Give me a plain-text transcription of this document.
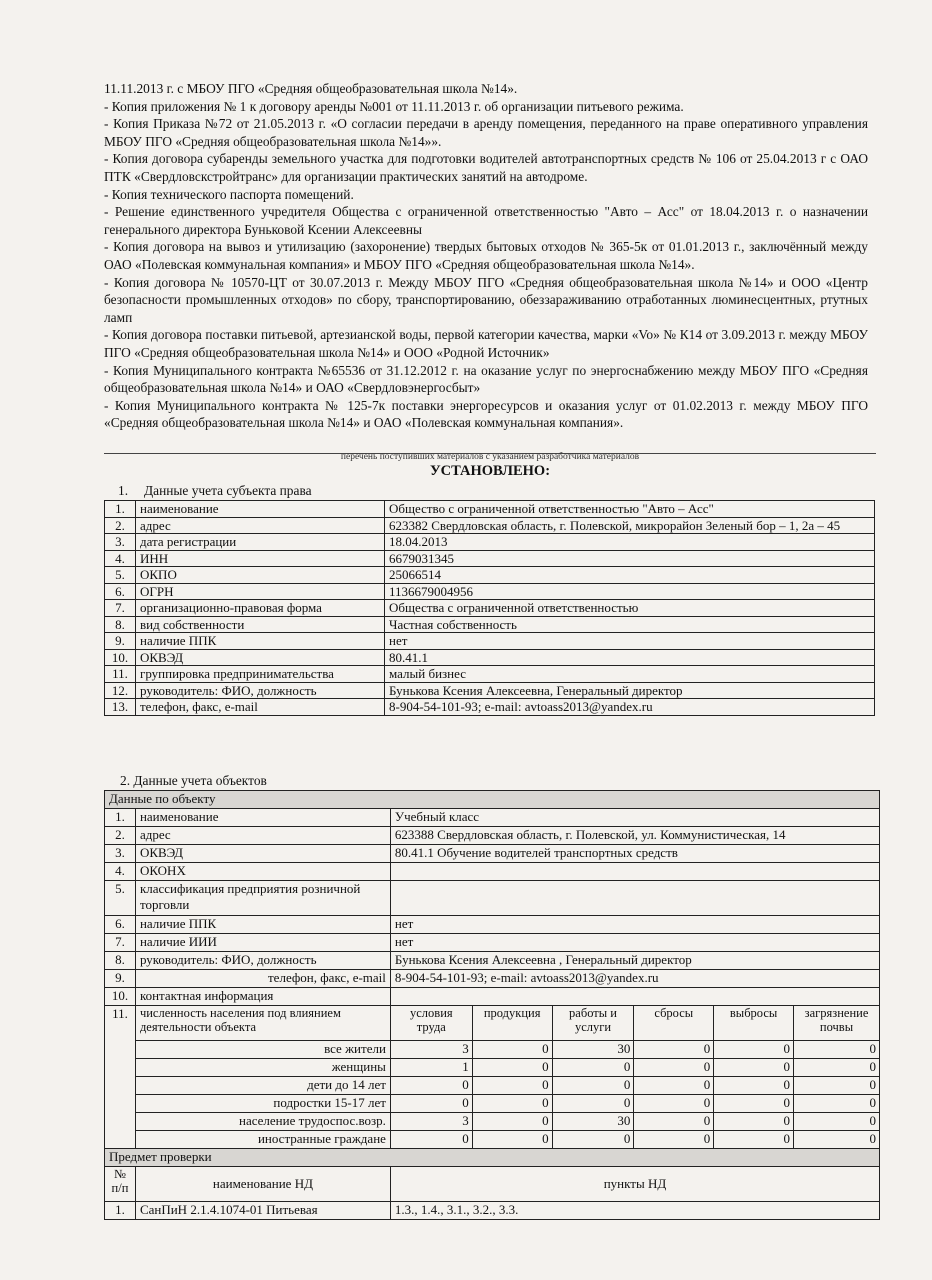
11.11.2013 г. с МБОУ ПГО «Средняя общеобразовательная школа №14».

- Копия приложения № 1 к договору аренды №001 от 11.11.2013 г. об организации питьевого режима.

- Копия Приказа №72 от 21.05.2013 г. «О согласии передачи в аренду помещения, переданного на праве оперативного управления МБОУ ПГО «Средняя общеобразовательная школа №14»».

- Копия договора субаренды земельного участка для подготовки водителей автотранспортных средств № 106 от 25.04.2013 г с ОАО ПТК «Свердловскстройтранс» для организации практических занятий на автодроме.

- Копия технического паспорта помещений.

- Решение единственного учредителя Общества с ограниченной ответственностью "Авто – Асс" от 18.04.2013 г. о назначении генерального директора Буньковой Ксении Алексеевны

- Копия договора на вывоз и утилизацию (захоронение) твердых бытовых отходов № 365-5к от 01.01.2013 г., заключённый между ОАО «Полевская коммунальная компания» и МБОУ ПГО «Средняя общеобразовательная школа №14».

- Копия договора № 10570-ЦТ от 30.07.2013 г. Между МБОУ ПГО «Средняя общеобразовательная школа №14» и ООО «Центр безопасности промышленных отходов» по сбору, транспортированию, обеззараживанию отработанных люминесцентных, ртутных ламп

- Копия договора поставки питьевой, артезианской воды, первой категории качества, марки «Vo» № К14 от 3.09.2013 г. между МБОУ ПГО «Средняя общеобразовательная школа №14» и ООО «Родной Источник»

- Копия Муниципального контракта №65536 от 31.12.2012 г. на оказание услуг по энергоснабжению между МБОУ ПГО «Средняя общеобразовательная школа №14» и ОАО «Свердловэнергосбыт»

- Копия Муниципального контракта № 125-7к поставки энергоресурсов и оказания услуг от 01.02.2013 г. между МБОУ ПГО «Средняя общеобразовательная школа №14» и ОАО «Полевская коммунальная компания».

перечень поступивших материалов с указанием разработчика материалов
УСТАНОВЛЕНО:
1. Данные учета субъекта права
1.	наименование	Общество с ограниченной ответственностью "Авто – Асс"
2.	адрес	623382 Свердловская область, г. Полевской, микрорайон Зеленый бор – 1, 2а – 45
3.	дата регистрации	18.04.2013
4.	ИНН	6679031345
5.	ОКПО	25066514
6.	ОГРН	1136679004956
7.	организационно-правовая форма	Общества с ограниченной ответственностью
8.	вид собственности	Частная собственность
9.	наличие ППК	нет
10.	ОКВЭД	80.41.1
11.	группировка предпринимательства	малый бизнес
12.	руководитель: ФИО, должность	Бунькова Ксения Алексеевна, Генеральный директор
13.	телефон, факс, e-mail	8-904-54-101-93; e-mail: avtoass2013@yandex.ru
2. Данные учета объектов
Данные по объекту							
1.	наименование	Учебный класс					
2.	адрес	623388 Свердловская область, г. Полевской, ул. Коммунистическая, 14					
3.	ОКВЭД	80.41.1 Обучение водителей транспортных средств					
4.	ОКОНХ						
5.	классификация предприятия розничной торговли						
6.	наличие ППК	нет					
7.	наличие ИИИ	нет					
8.	руководитель: ФИО, должность	Бунькова Ксения Алексеевна , Генеральный директор					
9.	телефон, факс, e-mail	8-904-54-101-93; e-mail: avtoass2013@yandex.ru					
10.	контактная информация						
11.	численность населения под влиянием деятельности объекта	условия труда	продукция	работы и услуги	сбросы	выбросы	загрязнение почвы
	все жители	3	0	30	0	0	0
	женщины	1	0	0	0	0	0
	дети до 14 лет	0	0	0	0	0	0
	подростки 15-17 лет	0	0	0	0	0	0
	население трудоспос.возр.	3	0	30	0	0	0
	иностранные граждане	0	0	0	0	0	0
Предмет проверки							
№ п/п	наименование НД	пункты НД					
1.	СанПиН 2.1.4.1074-01 Питьевая	1.3., 1.4., 3.1., 3.2., 3.3.					
